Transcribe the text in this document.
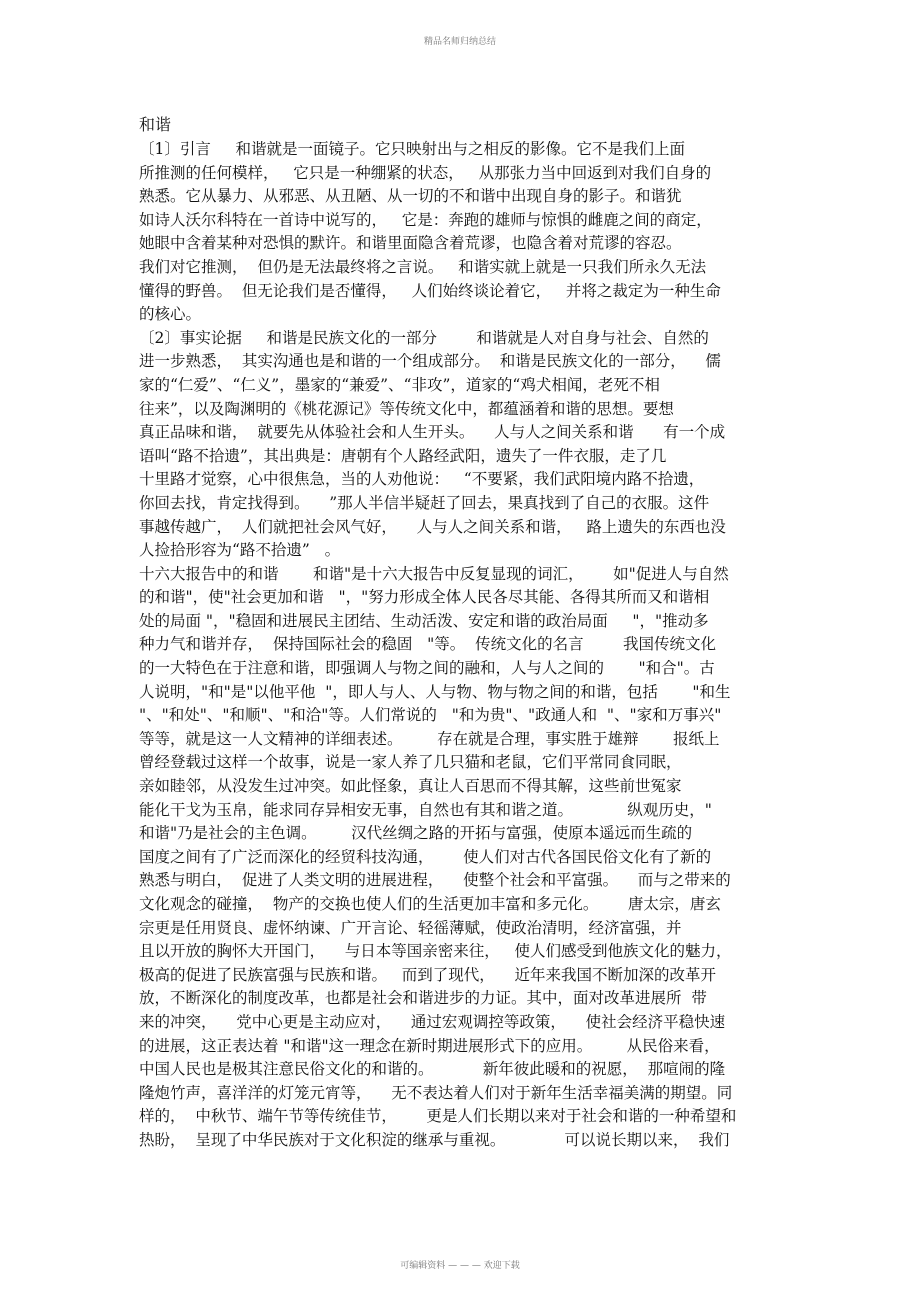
精品名师归纳总结
和谐
〔1〕引言     和谐就是一面镜子。它只映射出与之相反的影像。它不是我们上面
所推测的任何模样，   它只是一种绷紧的状态，   从那张力当中回返到对我们自身的
熟悉。它从暴力、从邪恶、从丑陋、从一切的不和谐中出现自身的影子。和谐犹
如诗人沃尔科特在一首诗中说写的，   它是：奔跑的雄师与惊惧的雌鹿之间的商定，
她眼中含着某种对恐惧的默许。和谐里面隐含着荒谬，也隐含着对荒谬的容忍。
我们对它推测，  但仍是无法最终将之言说。   和谐实就上就是一只我们所永久无法
懂得的野兽。  但无论我们是否懂得，   人们始终谈论着它，   并将之裁定为一种生命
的核心。
〔2〕事实论据     和谐是民族文化的一部分        和谐就是人对自身与社会、自然的
进一步熟悉，  其实沟通也是和谐的一个组成部分。  和谐是民族文化的一部分，    儒
家的“仁爱”、“仁义”，墨家的“兼爱”、“非攻”，道家的“鸡犬相闻，老死不相
往来”，以及陶渊明的《桃花源记》等传统文化中，都蕴涵着和谐的思想。要想
真正品味和谐，  就要先从体验社会和人生开头。    人与人之间关系和谐      有一个成
语叫“路不拾遗”，其出典是：唐朝有个人路经武阳，遗失了一件衣服，走了几
十里路才觉察，心中很焦急，当的人劝他说：   “不要紧，我们武阳境内路不拾遗，
你回去找，肯定找得到。    ”那人半信半疑赶了回去，果真找到了自己的衣服。这件
事越传越广，  人们就把社会风气好，    人与人之间关系和谐，   路上遗失的东西也没
人捡拾形容为“路不拾遗”   。
十六大报告中的和谐       和谐"是十六大报告中反复显现的词汇，      如"促进人与自然
的和谐"，使"社会更加和谐   "，"努力形成全体人民各尽其能、各得其所而又和谐相
处的局面 "，"稳固和进展民主团结、生动活泼、安定和谐的政治局面     "，"推动多
种力气和谐并存，  保持国际社会的稳固   "等。  传统文化的名言        我国传统文化
的一大特色在于注意和谐，即强调人与物之间的融和，人与人之间的       "和合"。古
人说明，"和"是"以他平他  "，即人与人、人与物、物与物之间的和谐，包括       "和生
"、"和处"、"和顺"、"和洽"等。人们常说的   "和为贵"、"政通人和  "、"家和万事兴"
等等，就是这一人文精神的详细表述。       存在就是合理，事实胜于雄辩       报纸上
曾经登载过这样一个故事，说是一家人养了几只猫和老鼠，它们平常同食同眠，
亲如睦邻，从没发生过冲突。如此怪象，真让人百思而不得其解，这些前世冤家
能化干戈为玉帛，能求同存异相安无事，自然也有其和谐之道。           纵观历史，"
和谐"乃是社会的主色调。       汉代丝绸之路的开拓与富强，使原本遥远而生疏的
国度之间有了广泛而深化的经贸科技沟通，      使人们对古代各国民俗文化有了新的
熟悉与明白，  促进了人类文明的进展进程，    使整个社会和平富强。    而与之带来的
文化观念的碰撞，  物产的交换也使人们的生活更加丰富和多元化。      唐太宗，唐玄
宗更是任用贤良、虚怀纳谏、广开言论、轻徭薄赋，使政治清明，经济富强，并
且以开放的胸怀大开国门，    与日本等国亲密来往，   使人们感受到他族文化的魅力，
极高的促进了民族富强与民族和谐。   而到了现代，    近年来我国不断加深的改革开
放，不断深化的制度改革，也都是社会和谐进步的力证。其中，面对改革进展所  带
来的冲突，    党中心更是主动应对，    通过宏观调控等政策，    使社会经济平稳快速
的进展，这正表达着 "和谐"这一理念在新时期进展形式下的应用。       从民俗来看，
中国人民也是极其注意民俗文化的和谐的。          新年彼此暖和的祝愿，  那喧闹的隆
隆炮竹声，喜洋洋的灯笼元宵等，    无不表达着人们对于新年生活幸福美满的期望。同
样的，  中秋节、端午节等传统佳节，      更是人们长期以来对于社会和谐的一种希望和
热盼，  呈现了中华民族对于文化积淀的继承与重视。            可以说长期以来，  我们
可编辑资料 — — — 欢迎下载
